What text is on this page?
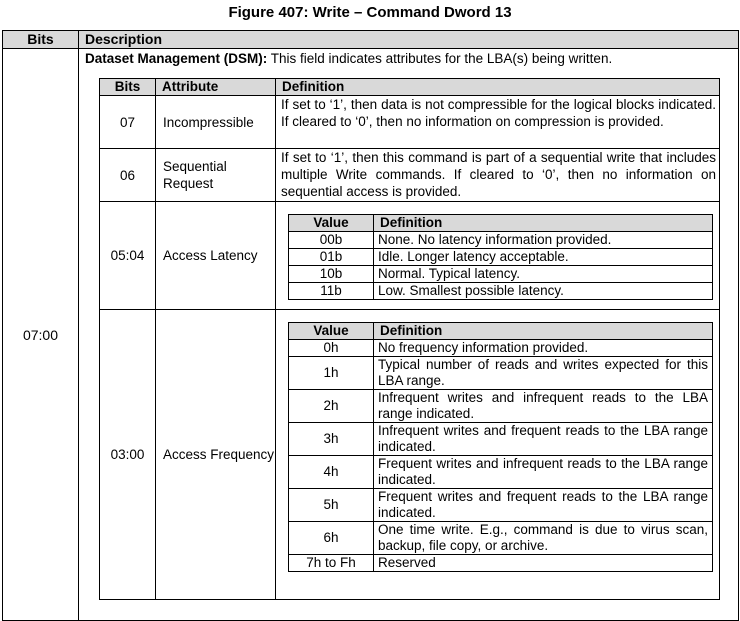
Figure 407: Write – Command Dword 13
Bits	Description
07:00	
Dataset Management (DSM): This field indicates attributes for the LBA(s) being written.
Bits	Attribute	Definition
07	Incompressible	If set to ‘1’, then data is not compressible for the logical blocks indicated. If cleared to ‘0’, then no information on compression is provided.
06	Sequential Request	If set to ‘1’, then this command is part of a sequential write that includes multiple Write commands. If cleared to ‘0’, then no information on sequential access is provided.
05:04	Access Latency	
Value	Definition
00b	None. No latency information provided.
01b	Idle. Longer latency acceptable.
10b	Normal. Typical latency.
11b	Low. Smallest possible latency.

03:00	Access Frequency	
Value	Definition
0h	No frequency information provided.
1h	Typical number of reads and writes expected for this LBA range.
2h	Infrequent writes and infrequent reads to the LBA range indicated.
3h	Infrequent writes and frequent reads to the LBA range indicated.
4h	Frequent writes and infrequent reads to the LBA range indicated.
5h	Frequent writes and frequent reads to the LBA range indicated.
6h	One time write. E.g., command is due to virus scan, backup, file copy, or archive.
7h to Fh	Reserved
